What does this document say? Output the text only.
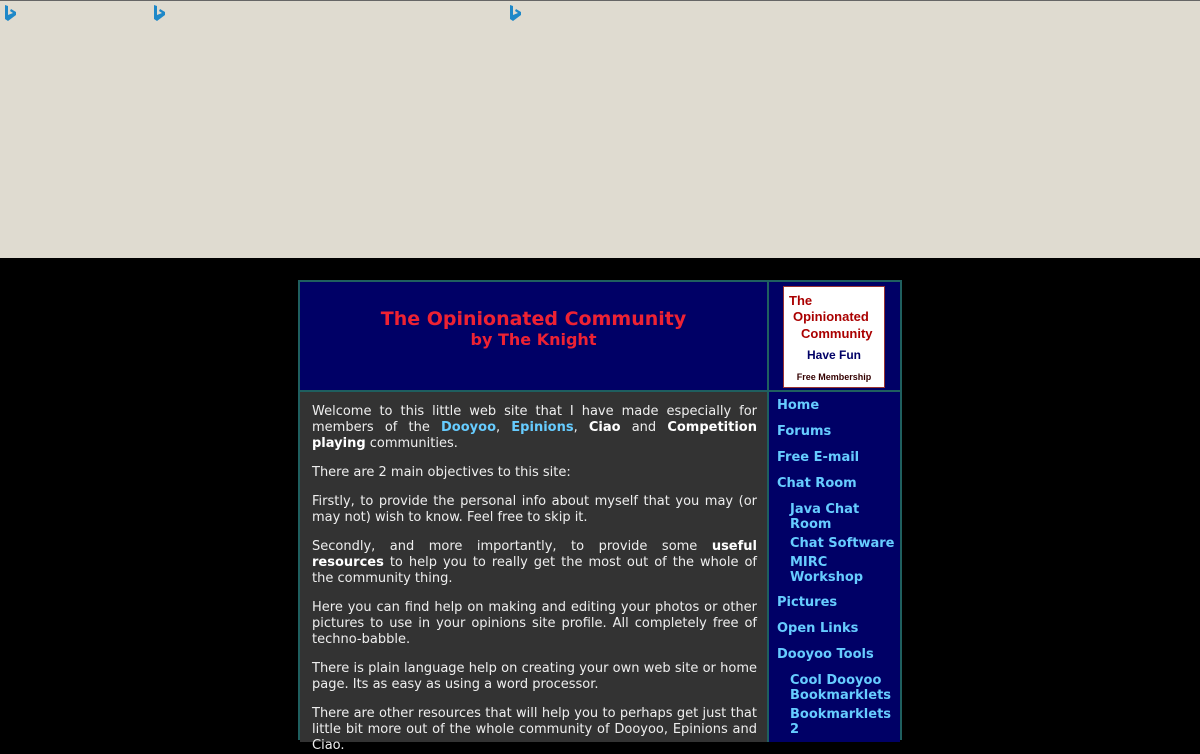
The Opinionated Community
by The Knight
The
Opinionated
Community
Have Fun
Free Membership

Welcome to this little web site that I have made especially for members of the Dooyoo, Epinions, Ciao and Competition playing communities.

There are 2 main objectives to this site:

Firstly, to provide the personal info about myself that you may (or may not) wish to know. Feel free to skip it.

Secondly, and more importantly, to provide some useful resources to help you to really get the most out of the whole of the community thing.

Here you can find help on making and editing your photos or other pictures to use in your opinions site profile. All completely free of techno-babble.

There is plain language help on creating your own web site or home page. Its as easy as using a word processor.

There are other resources that will help you to perhaps get just that little bit more out of the whole community of Dooyoo, Epinions and Ciao.

Home
Forums
Free E-mail
Chat Room
Java Chat Room
Chat Software
MIRC Workshop
Pictures
Open Links
Dooyoo Tools
Cool Dooyoo Bookmarklets
Bookmarklets 2
